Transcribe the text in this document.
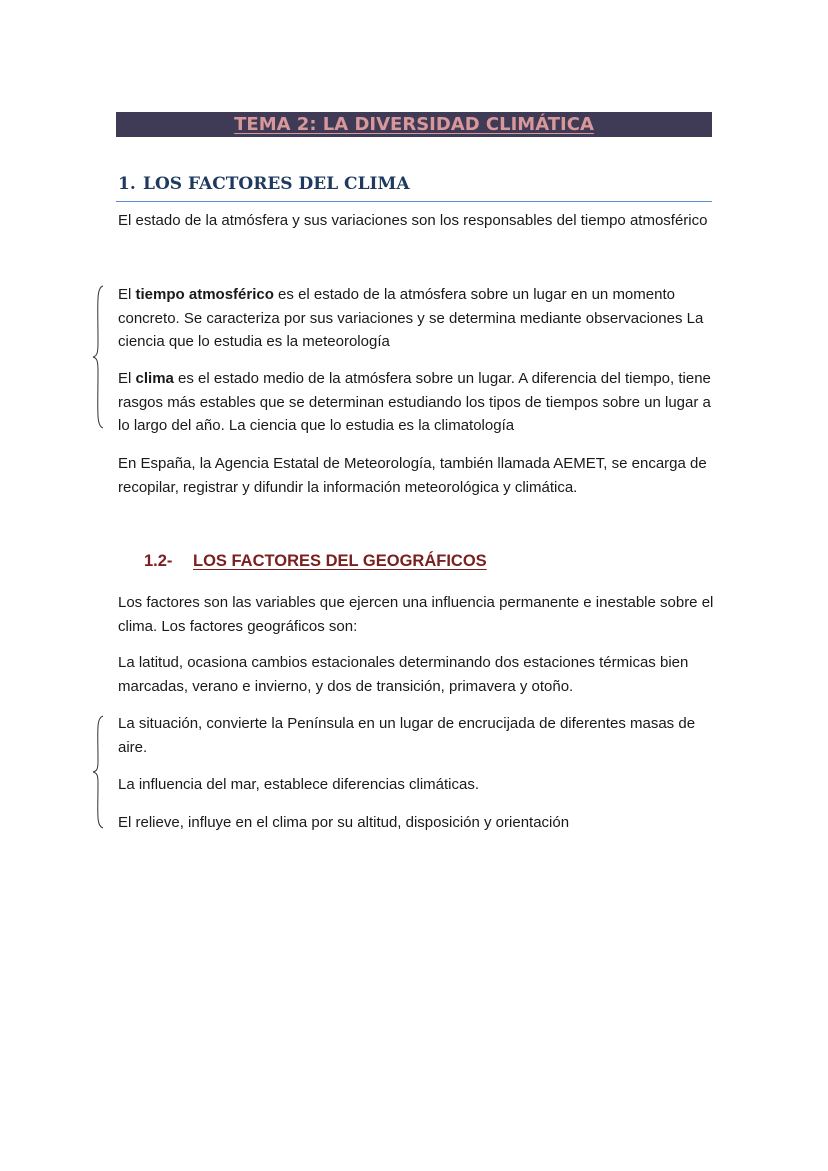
TEMA 2: LA DIVERSIDAD CLIMÁTICA
1. LOS FACTORES DEL CLIMA

El estado de la atmósfera y sus variaciones son los responsables del tiempo atmosférico

El tiempo atmosférico es el estado de la atmósfera sobre un lugar en un momento concreto. Se caracteriza por sus variaciones y se determina mediante observaciones La ciencia que lo estudia es la meteorología

El clima es el estado medio de la atmósfera sobre un lugar. A diferencia del tiempo, tiene rasgos más estables que se determinan estudiando los tipos de tiempos sobre un lugar a lo largo del año. La ciencia que lo estudia es la climatología

En España, la Agencia Estatal de Meteorología, también llamada AEMET, se encarga de recopilar, registrar y difundir la información meteorológica y climática.

1.2- LOS FACTORES DEL GEOGRÁFICOS

Los factores son las variables que ejercen una influencia permanente e inestable sobre el clima. Los factores geográficos son:

La latitud, ocasiona cambios estacionales determinando dos estaciones térmicas bien marcadas, verano e invierno, y dos de transición, primavera y otoño.

La situación, convierte la Península en un lugar de encrucijada de diferentes masas de aire.

La influencia del mar, establece diferencias climáticas.

El relieve, influye en el clima por su altitud, disposición y orientación
